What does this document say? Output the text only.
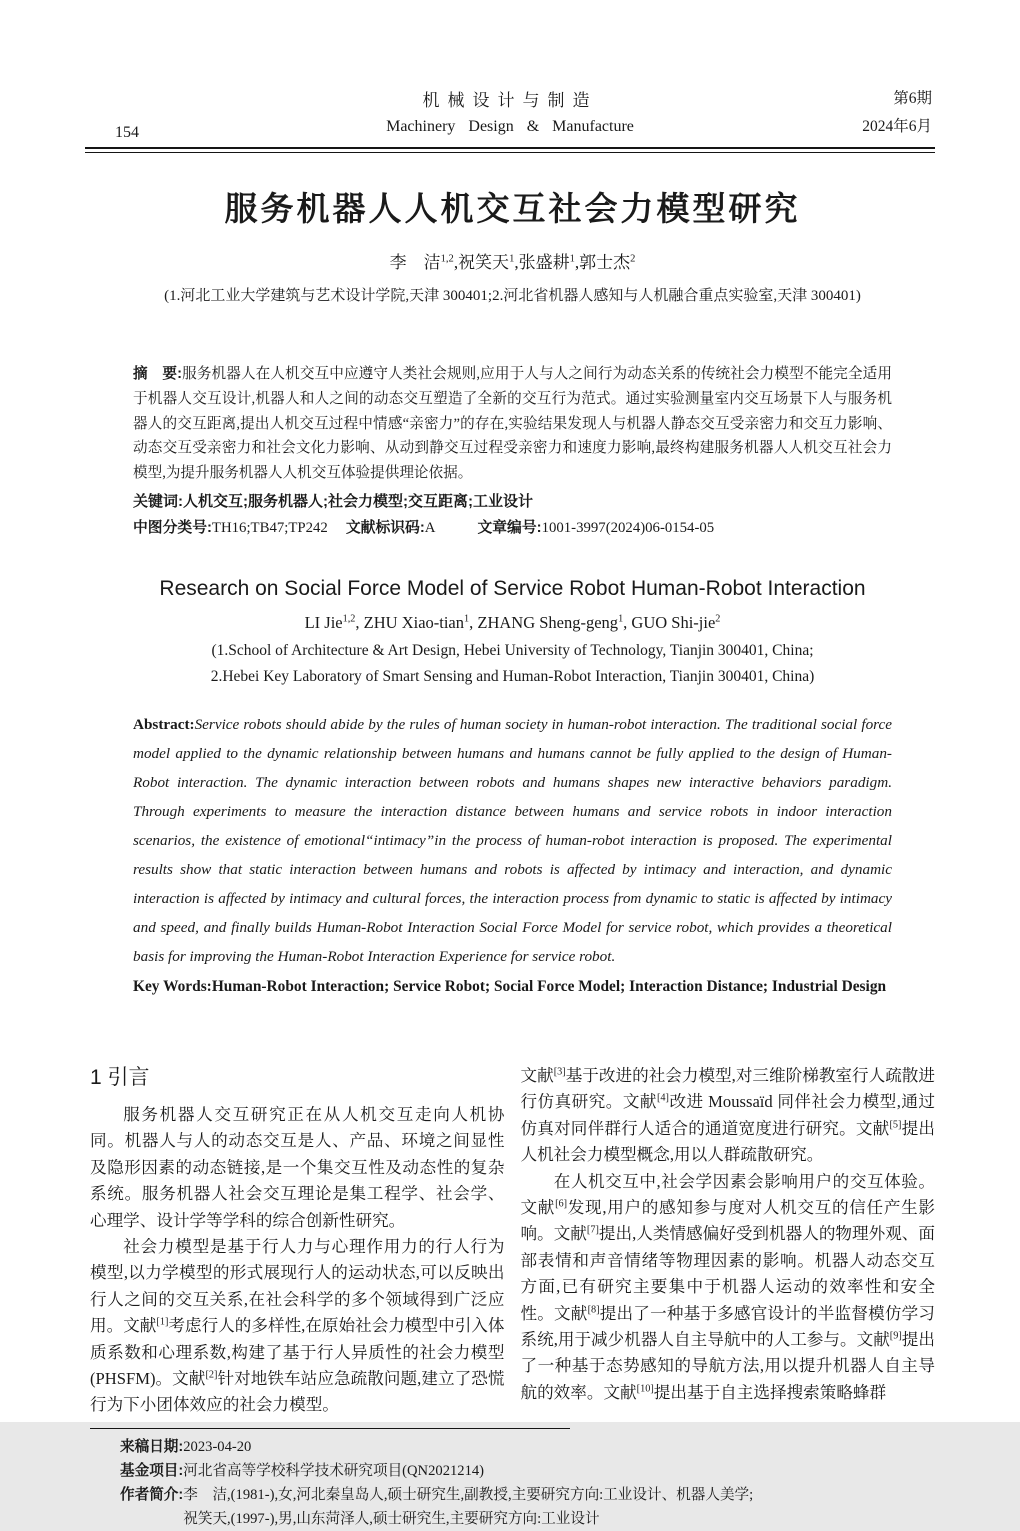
机械设计与制造
Machinery Design & Manufacture
154
第6期
2024年6月
服务机器人人机交互社会力模型研究
李　洁$^{1,2}$,祝笑天$^1$,张盛耕$^1$,郭士杰$^2$
(1.河北工业大学建筑与艺术设计学院,天津 300401;2.河北省机器人感知与人机融合重点实验室,天津 300401)
摘　要:服务机器人在人机交互中应遵守人类社会规则,应用于人与人之间行为动态关系的传统社会力模型不能完全适用于机器人交互设计,机器人和人之间的动态交互塑造了全新的交互行为范式。通过实验测量室内交互场景下人与服务机器人的交互距离,提出人机交互过程中情感“亲密力”的存在,实验结果发现人与机器人静态交互受亲密力和交互力影响、动态交互受亲密力和社会文化力影响、从动到静交互过程受亲密力和速度力影响,最终构建服务机器人人机交互社会力模型,为提升服务机器人人机交互体验提供理论依据。
关键词:人机交互;服务机器人;社会力模型;交互距离;工业设计
中图分类号:TH16;TB47;TP242 文献标识码:A	文章编号:1001-3997(2024)06-0154-05
Research on Social Force Model of Service Robot Human-Robot Interaction
LI Jie$^{1,2}$, ZHU Xiao-tian$^1$, ZHANG Sheng-geng$^1$, GUO Shi-jie$^2$
(1.School of Architecture & Art Design, Hebei University of Technology, Tianjin 300401, China;
2.Hebei Key Laboratory of Smart Sensing and Human-Robot Interaction, Tianjin 300401, China)
Abstract:Service robots should abide by the rules of human society in human-robot interaction. The traditional social force model applied to the dynamic relationship between humans and humans cannot be fully applied to the design of Human-Robot interaction. The dynamic interaction between robots and humans shapes new interactive behaviors paradigm. Through experiments to measure the interaction distance between humans and service robots in indoor interaction scenarios, the existence of emotional“intimacy”in the process of human-robot interaction is proposed. The experimental results show that static interaction between humans and robots is affected by intimacy and interaction, and dynamic interaction is affected by intimacy and cultural forces, the interaction process from dynamic to static is affected by intimacy and speed, and finally builds Human-Robot Interaction Social Force Model for service robot, which provides a theoretical basis for improving the Human-Robot Interaction Experience for service robot.
Key Words:Human-Robot Interaction; Service Robot; Social Force Model; Interaction Distance; Industrial Design
1 引言

服务机器人交互研究正在从人机交互走向人机协同。机器人与人的动态交互是人、产品、环境之间显性及隐形因素的动态链接,是一个集交互性及动态性的复杂系统。服务机器人社会交互理论是集工程学、社会学、心理学、设计学等学科的综合创新性研究。

社会力模型是基于行人力与心理作用力的行人行为模型,以力学模型的形式展现行人的运动状态,可以反映出行人之间的交互关系,在社会科学的多个领域得到广泛应用。文献[1]考虑行人的多样性,在原始社会力模型中引入体质系数和心理系数,构建了基于行人异质性的社会力模型(PHSFM)。文献[2]针对地铁车站应急疏散问题,建立了恐慌行为下小团体效应的社会力模型。

文献[3]基于改进的社会力模型,对三维阶梯教室行人疏散进行仿真研究。文献[4]改进 Moussaïd 同伴社会力模型,通过仿真对同伴群行人适合的通道宽度进行研究。文献[5]提出人机社会力模型概念,用以人群疏散研究。

在人机交互中,社会学因素会影响用户的交互体验。文献[6]发现,用户的感知参与度对人机交互的信任产生影响。文献[7]提出,人类情感偏好受到机器人的物理外观、面部表情和声音情绪等物理因素的影响。机器人动态交互方面,已有研究主要集中于机器人运动的效率性和安全性。文献[8]提出了一种基于多感官设计的半监督模仿学习系统,用于减少机器人自主导航中的人工参与。文献[9]提出了一种基于态势感知的导航方法,用以提升机器人自主导航的效率。文献[10]提出基于自主选择搜索策略蜂群

来稿日期: 2023-04-20
基金项目: 河北省高等学校科学技术研究项目(QN2021214)
作者简介: 李　洁,(1981-),女,河北秦皇岛人,硕士研究生,副教授,主要研究方向:工业设计、机器人美学;
祝笑天,(1997-),男,山东菏泽人,硕士研究生,主要研究方向:工业设计
